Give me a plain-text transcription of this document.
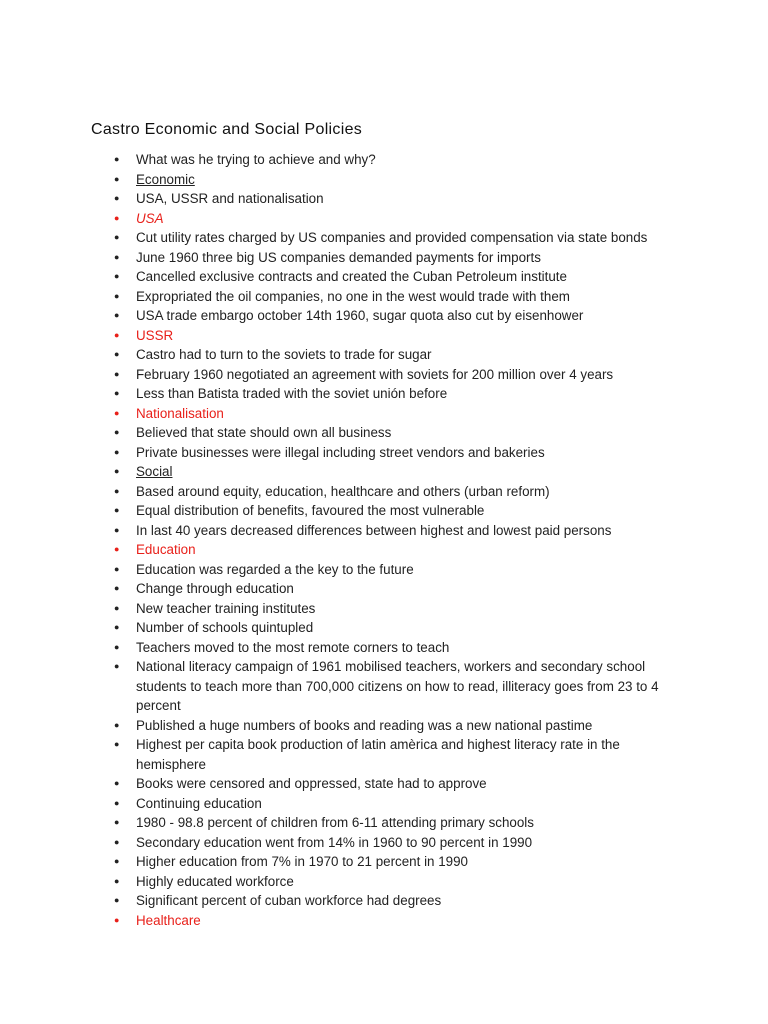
Castro Economic and Social Policies
● What was he trying to achieve and why?
● Economic
● USA, USSR and nationalisation
● USA
● Cut utility rates charged by US companies and provided compensation via state bonds
● June 1960 three big US companies demanded payments for imports
● Cancelled exclusive contracts and created the Cuban Petroleum institute
● Expropriated the oil companies, no one in the west would trade with them
● USA trade embargo october 14th 1960, sugar quota also cut by eisenhower
● USSR
● Castro had to turn to the soviets to trade for sugar
● February 1960 negotiated an agreement with soviets for 200 million over 4 years
● Less than Batista traded with the soviet unión before
● Nationalisation
● Believed that state should own all business
● Private businesses were illegal including street vendors and bakeries
● Social
● Based around equity, education, healthcare and others (urban reform)
● Equal distribution of benefits, favoured the most vulnerable
● In last 40 years decreased differences between highest and lowest paid persons
● Education
● Education was regarded a the key to the future
● Change through education
● New teacher training institutes
● Number of schools quintupled
● Teachers moved to the most remote corners to teach
● National literacy campaign of 1961 mobilised teachers, workers and secondary school students to teach more than 700,000 citizens on how to read, illiteracy goes from 23 to 4 percent
● Published a huge numbers of books and reading was a new national pastime
● Highest per capita book production of latin amèrica and highest literacy rate in the hemisphere
● Books were censored and oppressed, state had to approve
● Continuing education
● 1980 - 98.8 percent of children from 6-11 attending primary schools
● Secondary education went from 14% in 1960 to 90 percent in 1990
● Higher education from 7% in 1970 to 21 percent in 1990
● Highly educated workforce
● Significant percent of cuban workforce had degrees
● Healthcare
